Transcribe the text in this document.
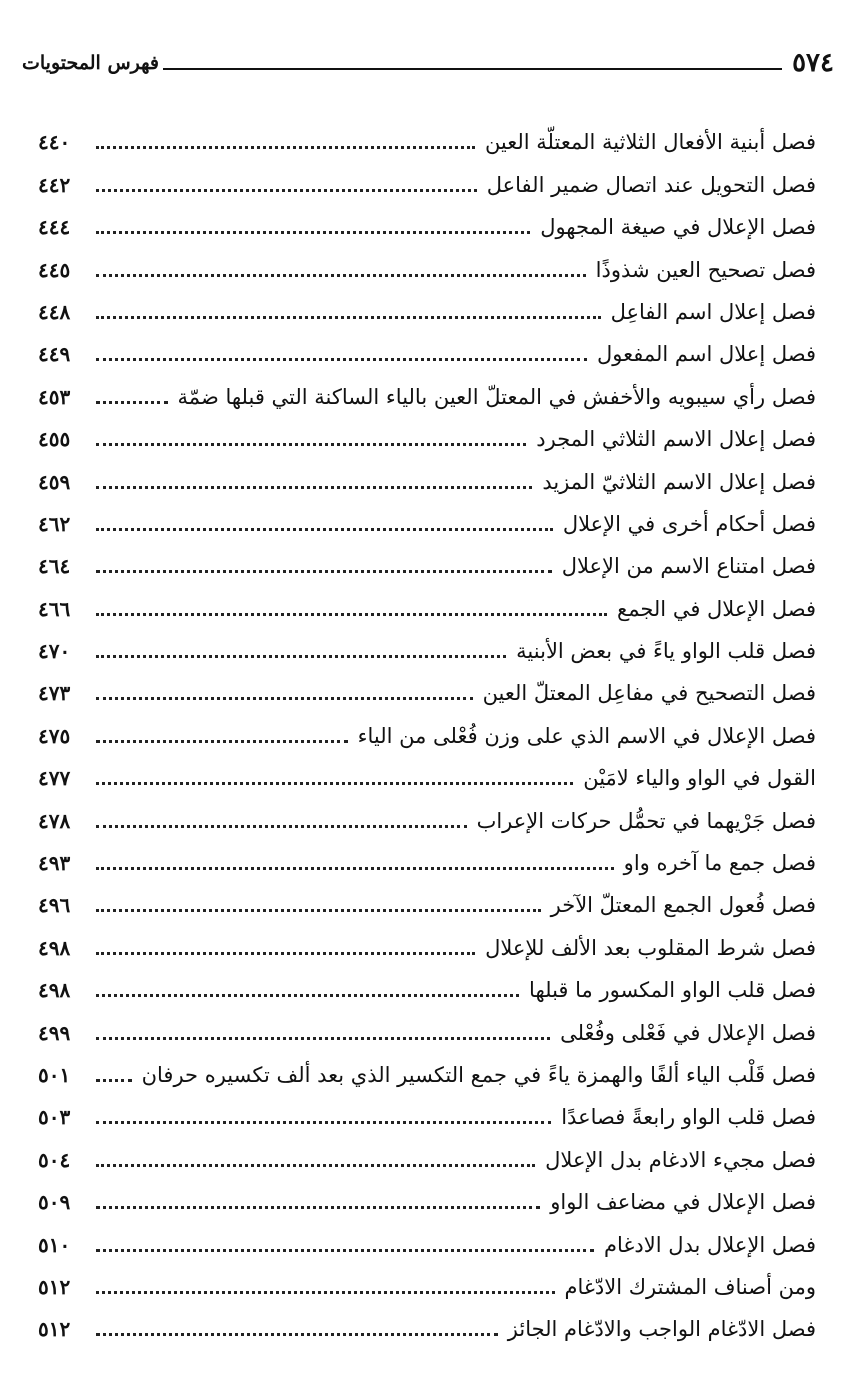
٥٧٤
فهرس المحتويات
فصل أبنية الأفعال الثلاثية المعتلّة العين
٤٤٠
فصل التحويل عند اتصال ضمير الفاعل
٤٤٢
فصل الإعلال في صيغة المجهول
٤٤٤
فصل تصحيح العين شذوذًا
٤٤٥
فصل إعلال اسم الفاعِل
٤٤٨
فصل إعلال اسم المفعول
٤٤٩
فصل رأي سيبويه والأخفش في المعتلّ العين بالياء الساكنة التي قبلها ضمّة
٤٥٣
فصل إعلال الاسم الثلاثي المجرد
٤٥٥
فصل إعلال الاسم الثلاثيّ المزيد
٤٥٩
فصل أحكام أخرى في الإعلال
٤٦٢
فصل امتناع الاسم من الإعلال
٤٦٤
فصل الإعلال في الجمع
٤٦٦
فصل قلب الواو ياءً في بعض الأبنية
٤٧٠
فصل التصحيح في مفاعِل المعتلّ العين
٤٧٣
فصل الإعلال في الاسم الذي على وزن فُعْلى من الياء
٤٧٥
القول في الواو والياء لامَيْن
٤٧٧
فصل جَرْيهما في تحمُّل حركات الإعراب
٤٧٨
فصل جمع ما آخره واو
٤٩٣
فصل فُعول الجمع المعتلّ الآخر
٤٩٦
فصل شرط المقلوب بعد الألف للإعلال
٤٩٨
فصل قلب الواو المكسور ما قبلها
٤٩٨
فصل الإعلال في فَعْلى وفُعْلى
٤٩٩
فصل قَلْب الياء ألفًا والهمزة ياءً في جمع التكسير الذي بعد ألف تكسيره حرفان
٥٠١
فصل قلب الواو رابعةً فصاعدًا
٥٠٣
فصل مجيء الادغام بدل الإعلال
٥٠٤
فصل الإعلال في مضاعف الواو
٥٠٩
فصل الإعلال بدل الادغام
٥١٠
ومن أصناف المشترك الادّغام
٥١٢
فصل الادّغام الواجب والادّغام الجائز
٥١٢
